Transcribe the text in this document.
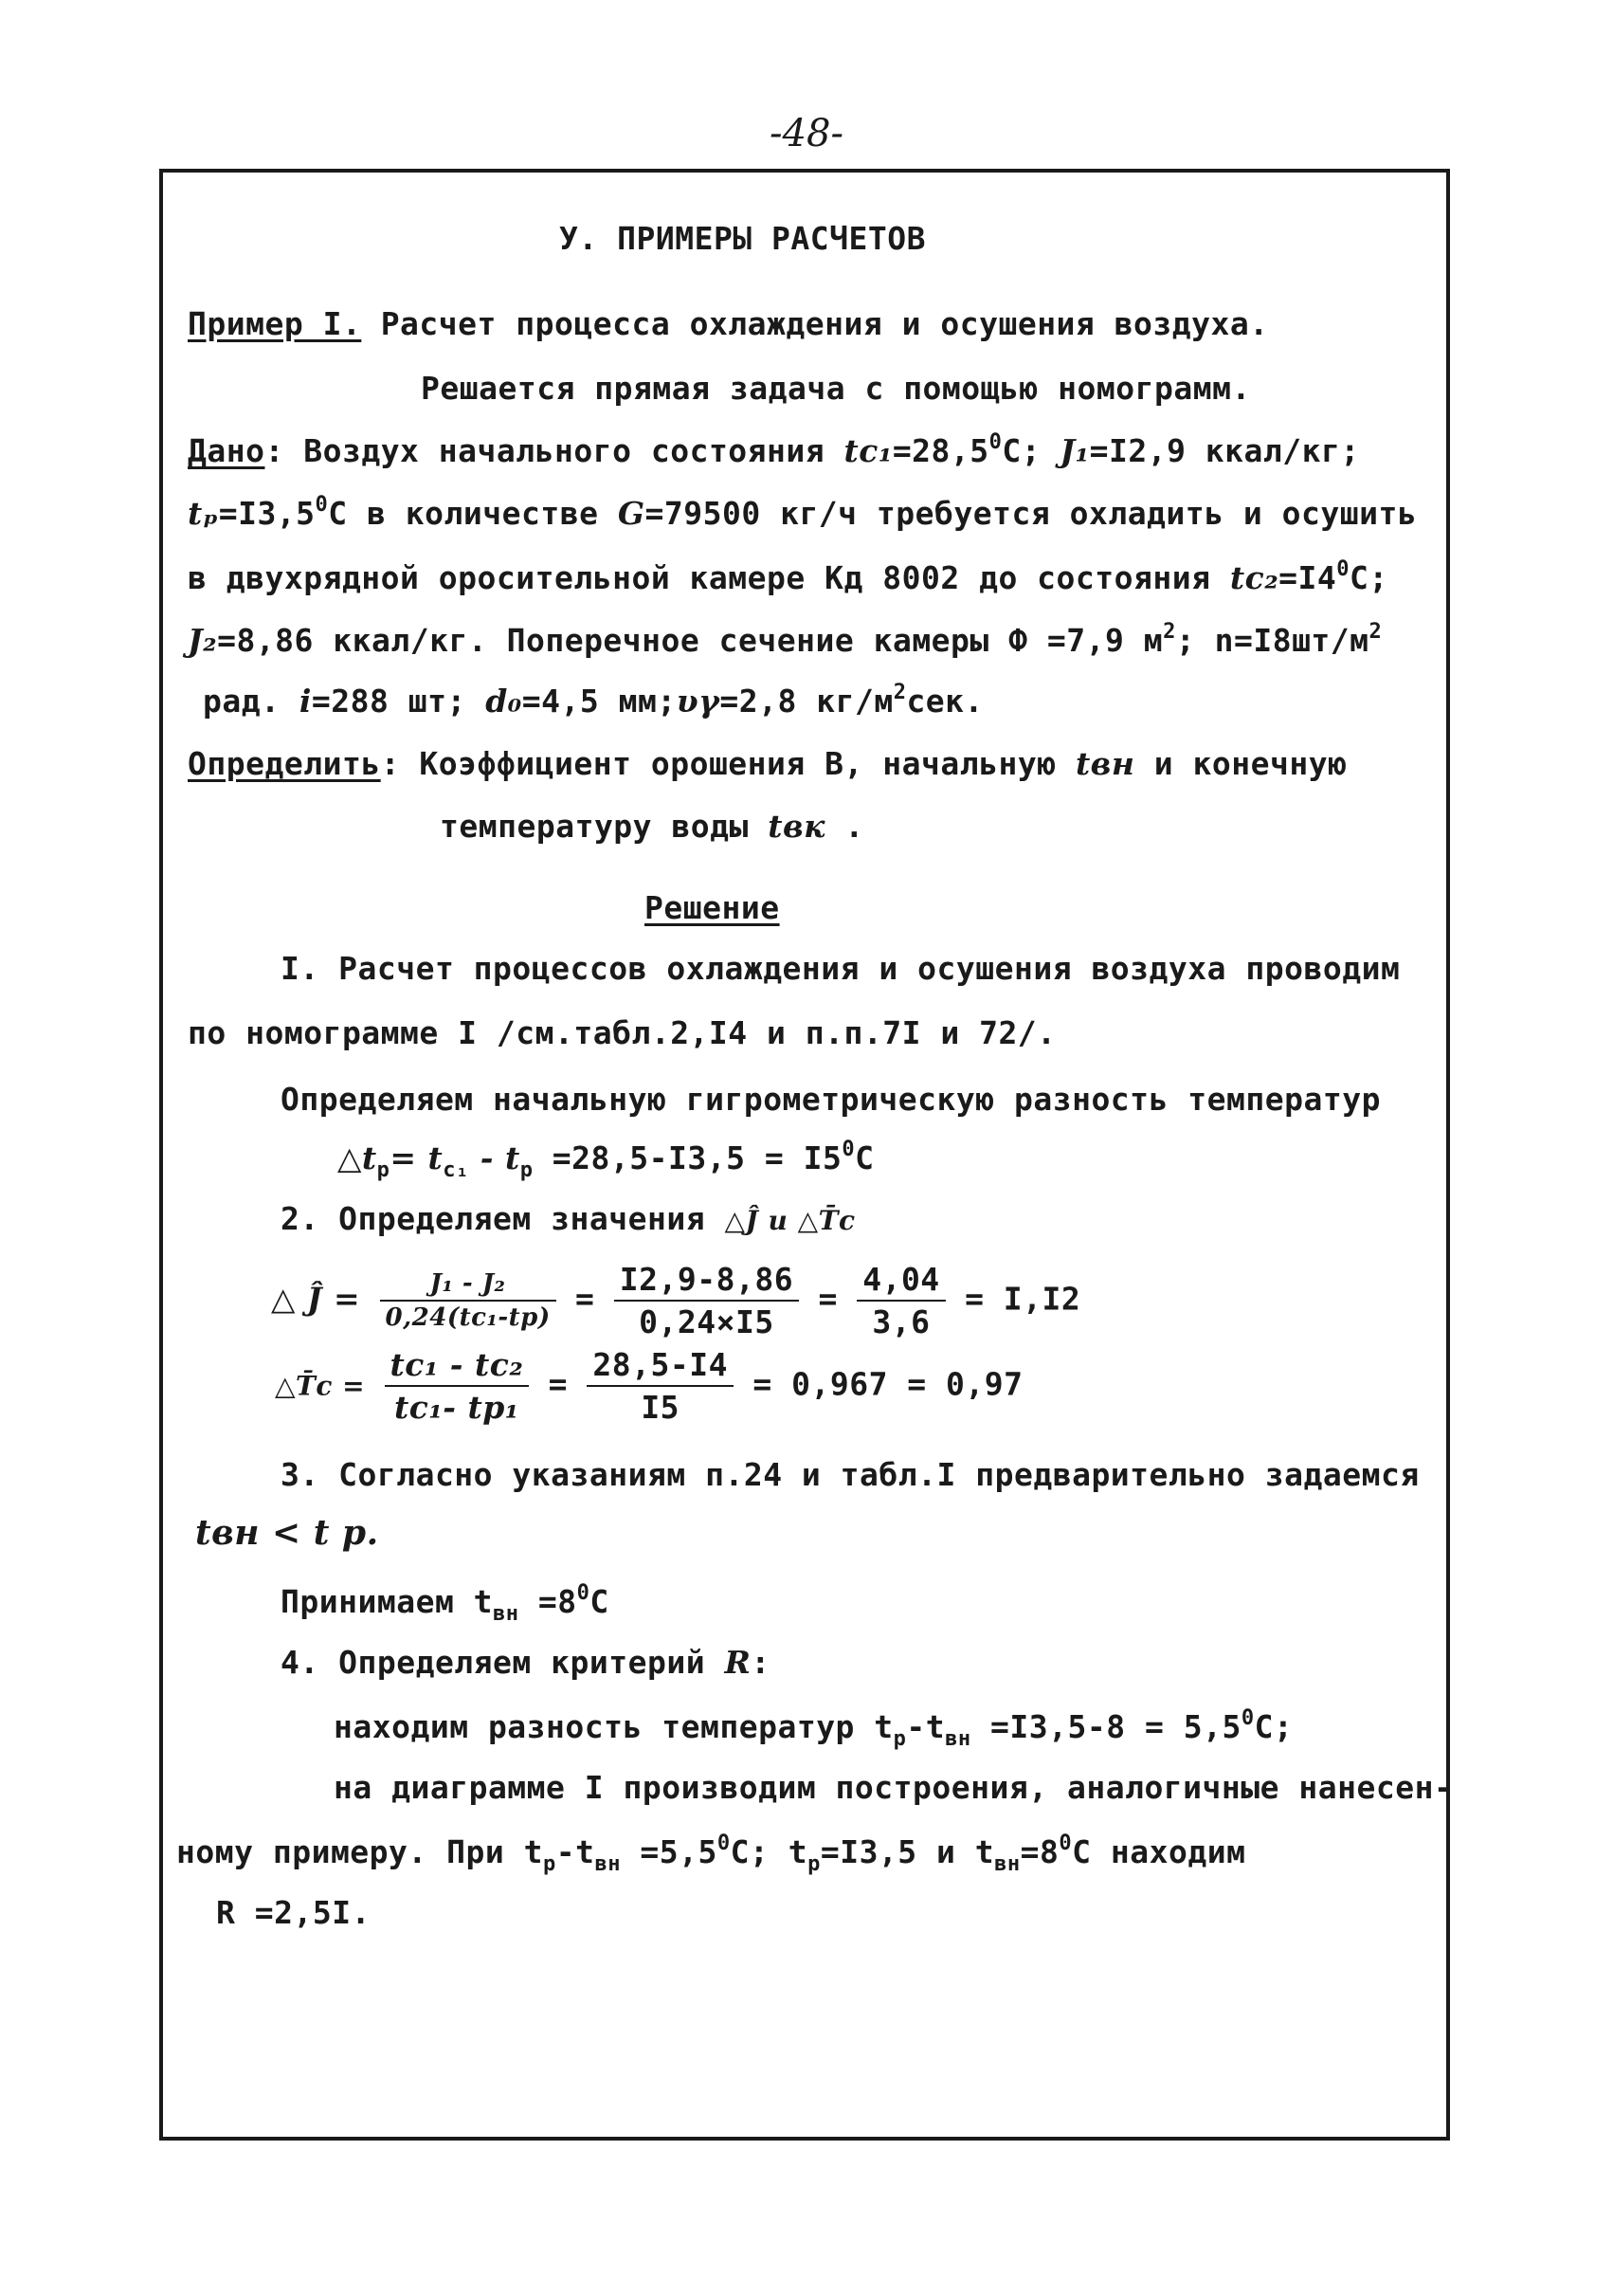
-48-
У. ПРИМЕРЫ РАСЧЕТОВ
Пример I. Расчет процесса охлаждения и осушения воздуха.
Решается прямая задача с помощью номограмм.
Дано: Воздух начального состояния $tc_1=28,5^0C$; J₁=I2,9 ккал/кг;
$t_p=I3,5^0C$ в количестве G=79500 кг/ч требуется охладить и осушить
в двухрядной оросительной камере Кд 8002 до состояния $tc_2=I4^0C$;
J₂=8,86 ккал/кг. Поперечное сечение камеры Ф =7,9 $м^2$; $n=I8шт/м^2$
рад. i=288 шт; d₀=4,5 мм;υγ=2,8 $кг/м^2сек$.
Определить: Коэффициент орошения В, начальную tвн и конечную
температуру воды tвк .
Решение
I. Расчет процессов охлаждения и осушения воздуха проводим
по номограмме I /см.табл.2,I4 и п.п.7I и 72/.
Определяем начальную гигрометрическую разность температур
$\triangle t_р= t_{c_1} - t_р =28,5-I3,5 = I5^0C$
2. Определяем значения △Ĵ и △T̄c
△ Ĵ = $\frac{\text{J₁ - J₂}}{\text{0,24(tc₁-tp)}} = \frac{I2,9-8,86}{0,24\times I5} = \frac{4,04}{3,6} = I,I2$
△T̄c = $\frac{\text{tc₁ - tc₂}}{\text{tc₁- tp₁}} = \frac{28,5-I4}{I5} = 0,967 = 0,97$
3. Согласно указаниям п.24 и табл.I предварительно задаемся
tвн < t р.
Принимаем $t_{вн} =8^0C$
4. Определяем критерий R:
находим разность температур $t_р-t_{вн} =I3,5-8 = 5,5^0C$;
на диаграмме I производим построения, аналогичные нанесен-
ному примеру. При $t_р-t_{вн} =5,5^0C$; $t_р=I3,5$ и $t_{вн}=8^0C$ находим
R =2,5I.
